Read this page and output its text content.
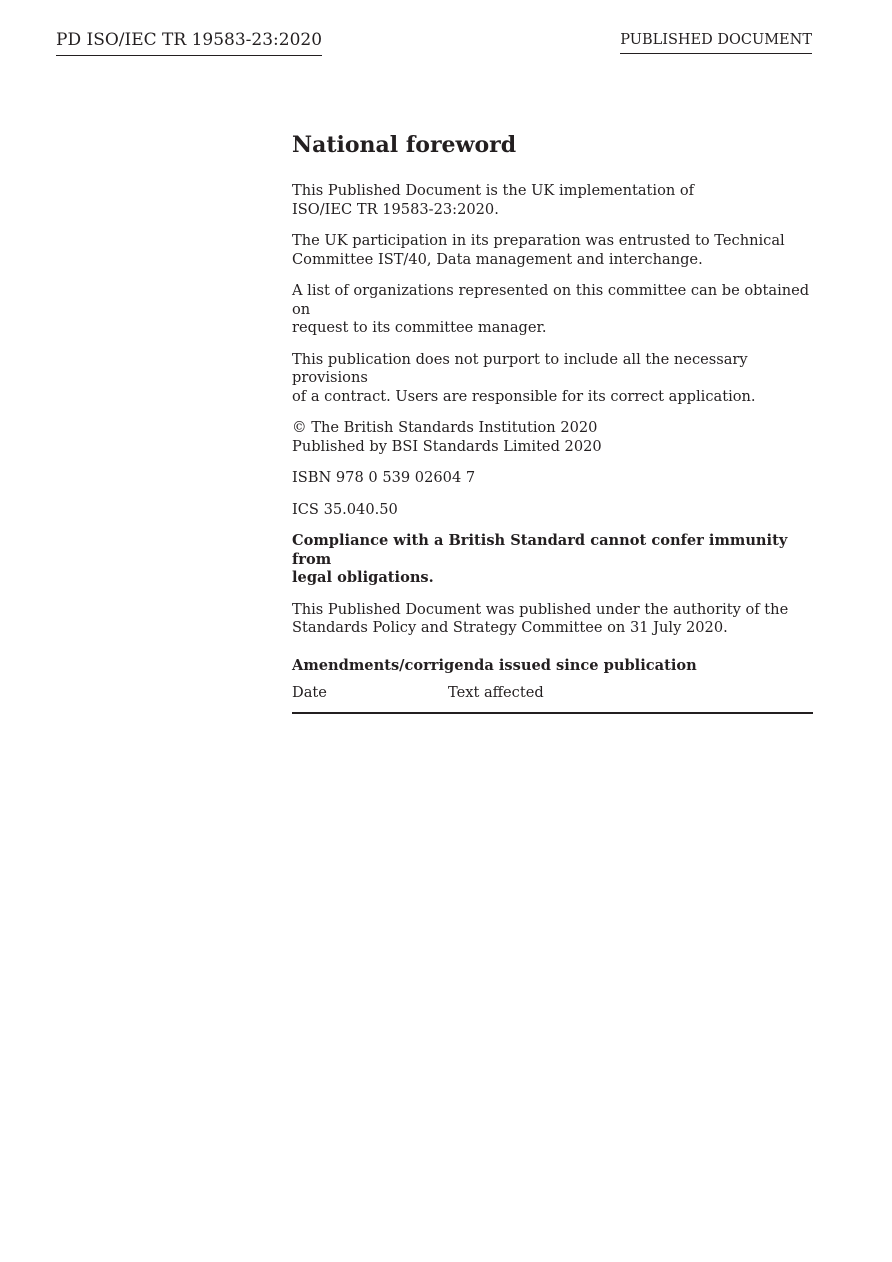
PD ISO/IEC TR 19583-23:2020	PUBLISHED DOCUMENT
National foreword

This Published Document is the UK implementation of
ISO/IEC TR 19583-23:2020.

The UK participation in its preparation was entrusted to Technical
Committee IST/40, Data management and interchange.

A list of organizations represented on this committee can be obtained on
request to its committee manager.

This publication does not purport to include all the necessary provisions
of a contract. Users are responsible for its correct application.

© The British Standards Institution 2020
Published by BSI Standards Limited 2020

ISBN 978 0 539 02604 7

ICS 35.040.50

Compliance with a British Standard cannot confer immunity from
legal obligations.

This Published Document was published under the authority of the
Standards Policy and Strategy Committee on 31 July 2020.

Amendments/corrigenda issued since publication
Date	Text affected
